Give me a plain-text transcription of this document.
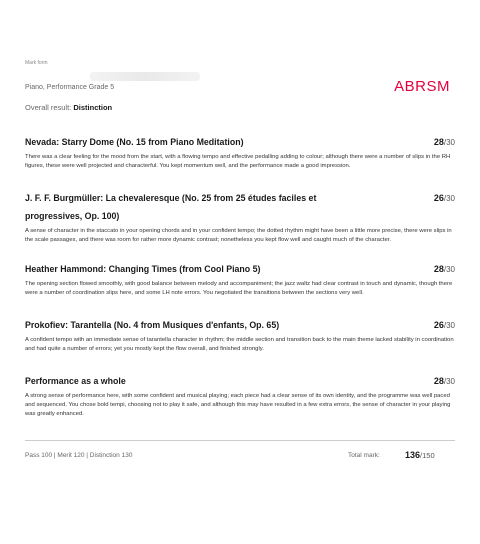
Mark form
Piano, Performance Grade 5	ABRSM
Overall result: Distinction
Nevada: Starry Dome (No. 15 from Piano Meditation)	28/30
There was a clear feeling for the mood from the start, with a flowing tempo and effective pedalling adding to colour; although there were a number of slips in the RH figures, these were well projected and characterful. You kept momentum well, and the performance made a good impression.
J. F. F. Burgmüller: La chevaleresque (No. 25 from 25 études faciles et progressives, Op. 100)
26/30
A sense of character in the staccato in your opening chords and in your confident tempo; the dotted rhythm might have been a little more precise, there were slips in the scale passages, and there was room for rather more dynamic contrast; nonetheless you kept flow well and caught much of the character.
Heather Hammond: Changing Times (from Cool Piano 5)	28/30
The opening section flowed smoothly, with good balance between melody and accompaniment; the jazz waltz had clear contrast in touch and dynamic, though there were a number of coordination slips here, and some LH note errors. You negotiated the transitions between the sections very well.
Prokofiev: Tarantella (No. 4 from Musiques d'enfants, Op. 65)	26/30
A confident tempo with an immediate sense of tarantella character in rhythm; the middle section and transition back to the main theme lacked stability in coordination and had quite a number of errors; yet you mostly kept the flow overall, and finished strongly.
Performance as a whole	28/30
A strong sense of performance here, with some confident and musical playing; each piece had a clear sense of its own identity, and the programme was well paced and sequenced. You chose bold tempi, choosing not to play it safe, and although this may have resulted in a few extra errors, the sense of character in your playing was greatly enhanced.
Pass 100 | Merit 120 | Distinction 130	Total mark:	136/150
